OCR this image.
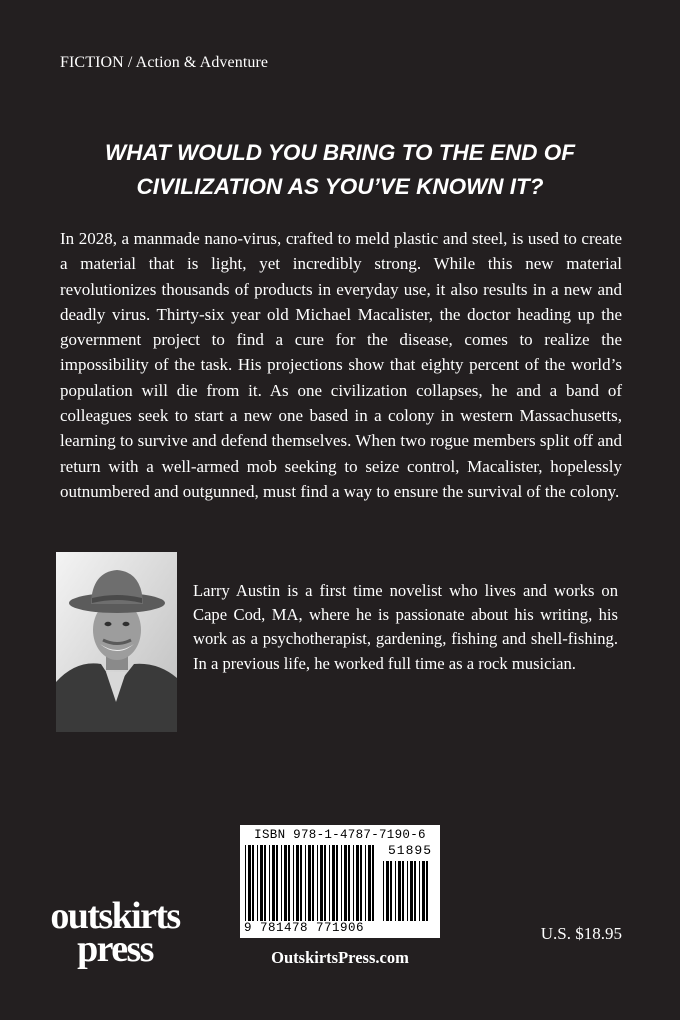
FICTION / Action & Adventure
WHAT WOULD YOU BRING TO THE END OF
CIVILIZATION AS YOU’VE KNOWN IT?

In 2028, a manmade nano-virus, crafted to meld plastic and steel, is used to create a material that is light, yet incredibly strong. While this new material revolutionizes thousands of products in everyday use, it also results in a new and deadly virus. Thirty-six year old Michael Macalister, the doctor heading up the government project to find a cure for the disease, comes to realize the impossibility of the task. His projections show that eighty percent of the world’s population will die from it. As one civilization collapses, he and a band of colleagues seek to start a new one based in a colony in western Massachusetts, learning to survive and defend themselves. When two rogue members split off and return with a well-armed mob seeking to seize control, Macalister, hopelessly outnumbered and outgunned, must find a way to ensure the survival of the colony.

Larry Austin is a first time novelist who lives and works on Cape Cod, MA, where he is passionate about his writing, his work as a psychotherapist, gardening, fishing and shell-fishing. In a previous life, he worked full time as a rock musician.

ISBN 978-1-4787-7190-6
51895
9 781478 771906
outskirts
press	OutskirtsPress.com
U.S. $18.95
